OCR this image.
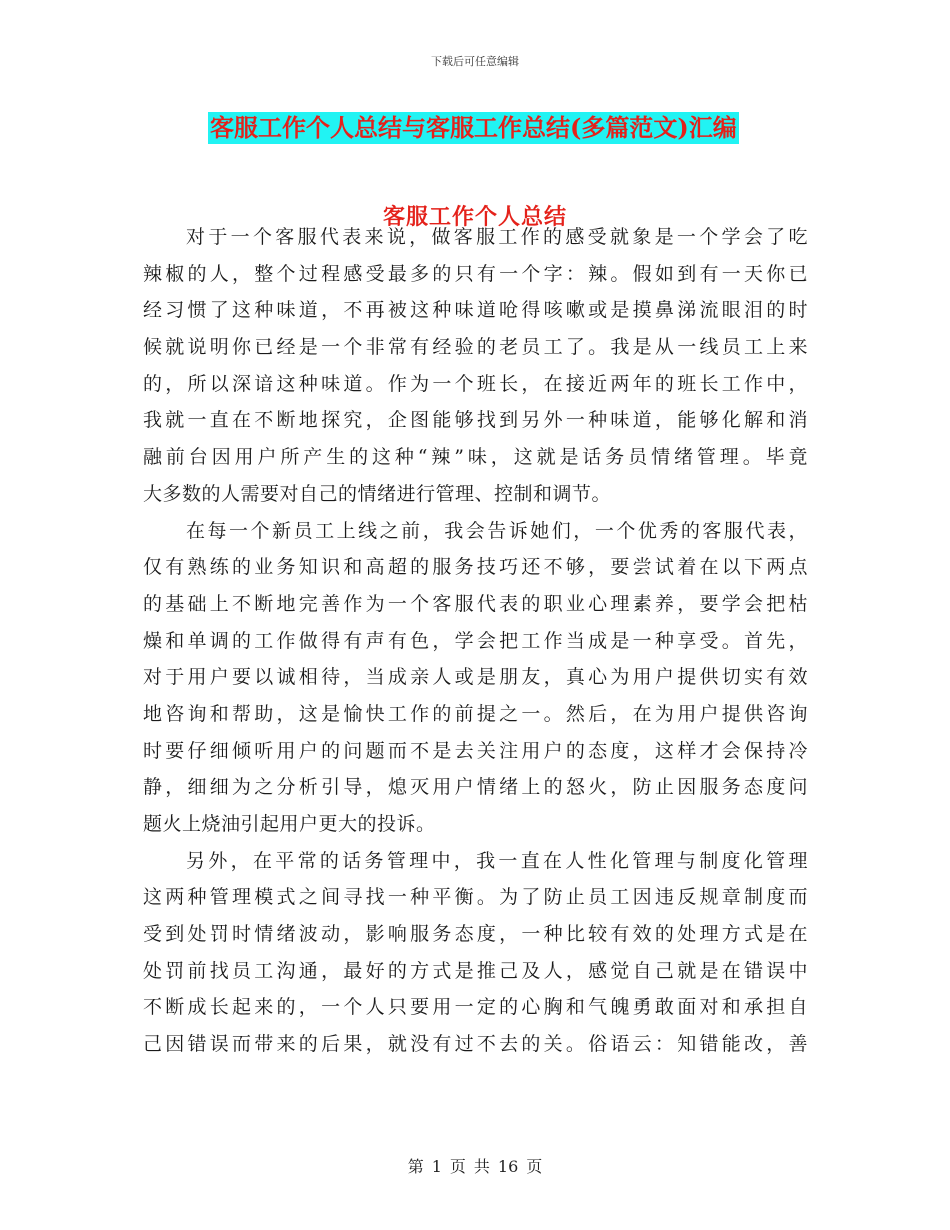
下载后可任意编辑
客服工作个人总结与客服工作总结(多篇范文)汇编
客服工作个人总结
对于一个客服代表来说，做客服工作的感受就象是一个学会了吃
辣椒的人，整个过程感受最多的只有一个字：辣。假如到有一天你已
经习惯了这种味道，不再被这种味道呛得咳嗽或是摸鼻涕流眼泪的时
候就说明你已经是一个非常有经验的老员工了。我是从一线员工上来
的，所以深谙这种味道。作为一个班长，在接近两年的班长工作中，
我就一直在不断地探究，企图能够找到另外一种味道，能够化解和消
融前台因用户所产生的这种“辣”味，这就是话务员情绪管理。毕竟
大多数的人需要对自己的情绪进行管理、控制和调节。
在每一个新员工上线之前，我会告诉她们，一个优秀的客服代表，
仅有熟练的业务知识和高超的服务技巧还不够，要尝试着在以下两点
的基础上不断地完善作为一个客服代表的职业心理素养，要学会把枯
燥和单调的工作做得有声有色，学会把工作当成是一种享受。首先，
对于用户要以诚相待，当成亲人或是朋友，真心为用户提供切实有效
地咨询和帮助，这是愉快工作的前提之一。然后，在为用户提供咨询
时要仔细倾听用户的问题而不是去关注用户的态度，这样才会保持冷
静，细细为之分析引导，熄灭用户情绪上的怒火，防止因服务态度问
题火上烧油引起用户更大的投诉。
另外，在平常的话务管理中，我一直在人性化管理与制度化管理
这两种管理模式之间寻找一种平衡。为了防止员工因违反规章制度而
受到处罚时情绪波动，影响服务态度，一种比较有效的处理方式是在
处罚前找员工沟通，最好的方式是推己及人，感觉自己就是在错误中
不断成长起来的，一个人只要用一定的心胸和气魄勇敢面对和承担自
己因错误而带来的后果，就没有过不去的关。俗语云：知错能改，善
第 1 页 共 16 页
